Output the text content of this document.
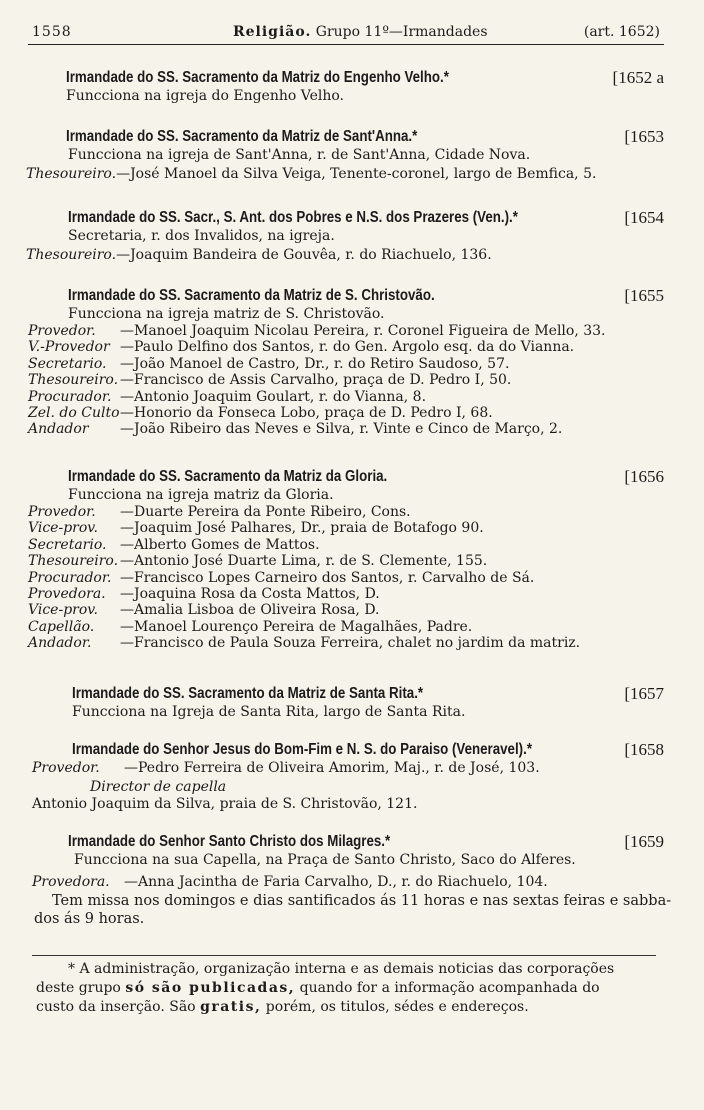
1558	Religião. Grupo 11º—Irmandades	(art. 1652)
[1652 a
Irmandade do SS. Sacramento da Matriz do Engenho Velho.*
Funcciona na igreja do Engenho Velho.
[1653
Irmandade do SS. Sacramento da Matriz de Sant'Anna.*
Funcciona na igreja de Sant'Anna, r. de Sant'Anna, Cidade Nova.
Thesoureiro.—José Manoel da Silva Veiga, Tenente-coronel, largo de Bemfica, 5.
[1654
Irmandade do SS. Sacr., S. Ant. dos Pobres e N.S. dos Prazeres (Ven.).*
Secretaria, r. dos Invalidos, na igreja.
Thesoureiro.—Joaquim Bandeira de Gouvêa, r. do Riachuelo, 136.
[1655
Irmandade do SS. Sacramento da Matriz de S. Christovão.
Funcciona na igreja matriz de S. Christovão.
Provedor. —Manoel Joaquim Nicolau Pereira, r. Coronel Figueira de Mello, 33.
V.-Provedor —Paulo Delfino dos Santos, r. do Gen. Argolo esq. da do Vianna.
Secretario. —João Manoel de Castro, Dr., r. do Retiro Saudoso, 57.
Thesoureiro. —Francisco de Assis Carvalho, praça de D. Pedro I, 50.
Procurador. —Antonio Joaquim Goulart, r. do Vianna, 8.
Zel. do Culto—Honorio da Fonseca Lobo, praça de D. Pedro I, 68.
Andador —João Ribeiro das Neves e Silva, r. Vinte e Cinco de Março, 2.
[1656
Irmandade do SS. Sacramento da Matriz da Gloria.
Funcciona na igreja matriz da Gloria.
Provedor. —Duarte Pereira da Ponte Ribeiro, Cons.
Vice-prov. —Joaquim José Palhares, Dr., praia de Botafogo 90.
Secretario. —Alberto Gomes de Mattos.
Thesoureiro. —Antonio José Duarte Lima, r. de S. Clemente, 155.
Procurador. —Francisco Lopes Carneiro dos Santos, r. Carvalho de Sá.
Provedora. —Joaquina Rosa da Costa Mattos, D.
Vice-prov. —Amalia Lisboa de Oliveira Rosa, D.
Capellão. —Manoel Lourenço Pereira de Magalhães, Padre.
Andador. —Francisco de Paula Souza Ferreira, chalet no jardim da matriz.
[1657
Irmandade do SS. Sacramento da Matriz de Santa Rita.*
Funcciona na Igreja de Santa Rita, largo de Santa Rita.
[1658
Irmandade do Senhor Jesus do Bom-Fim e N. S. do Paraiso (Veneravel).*
Provedor. —Pedro Ferreira de Oliveira Amorim, Maj., r. de José, 103.
Director de capella
Antonio Joaquim da Silva, praia de S. Christovão, 121.
[1659
Irmandade do Senhor Santo Christo dos Milagres.*
Funcciona na sua Capella, na Praça de Santo Christo, Saco do Alferes.
Provedora. —Anna Jacintha de Faria Carvalho, D., r. do Riachuelo, 104.
Tem missa nos domingos e dias santificados ás 11 horas e nas sextas feiras e sabba-
dos ás 9 horas.
* A administração, organização interna e as demais noticias das corporações
deste grupo só são publicadas, quando for a informação acompanhada do
custo da inserção. São gratis, porém, os titulos, sédes e endereços.
